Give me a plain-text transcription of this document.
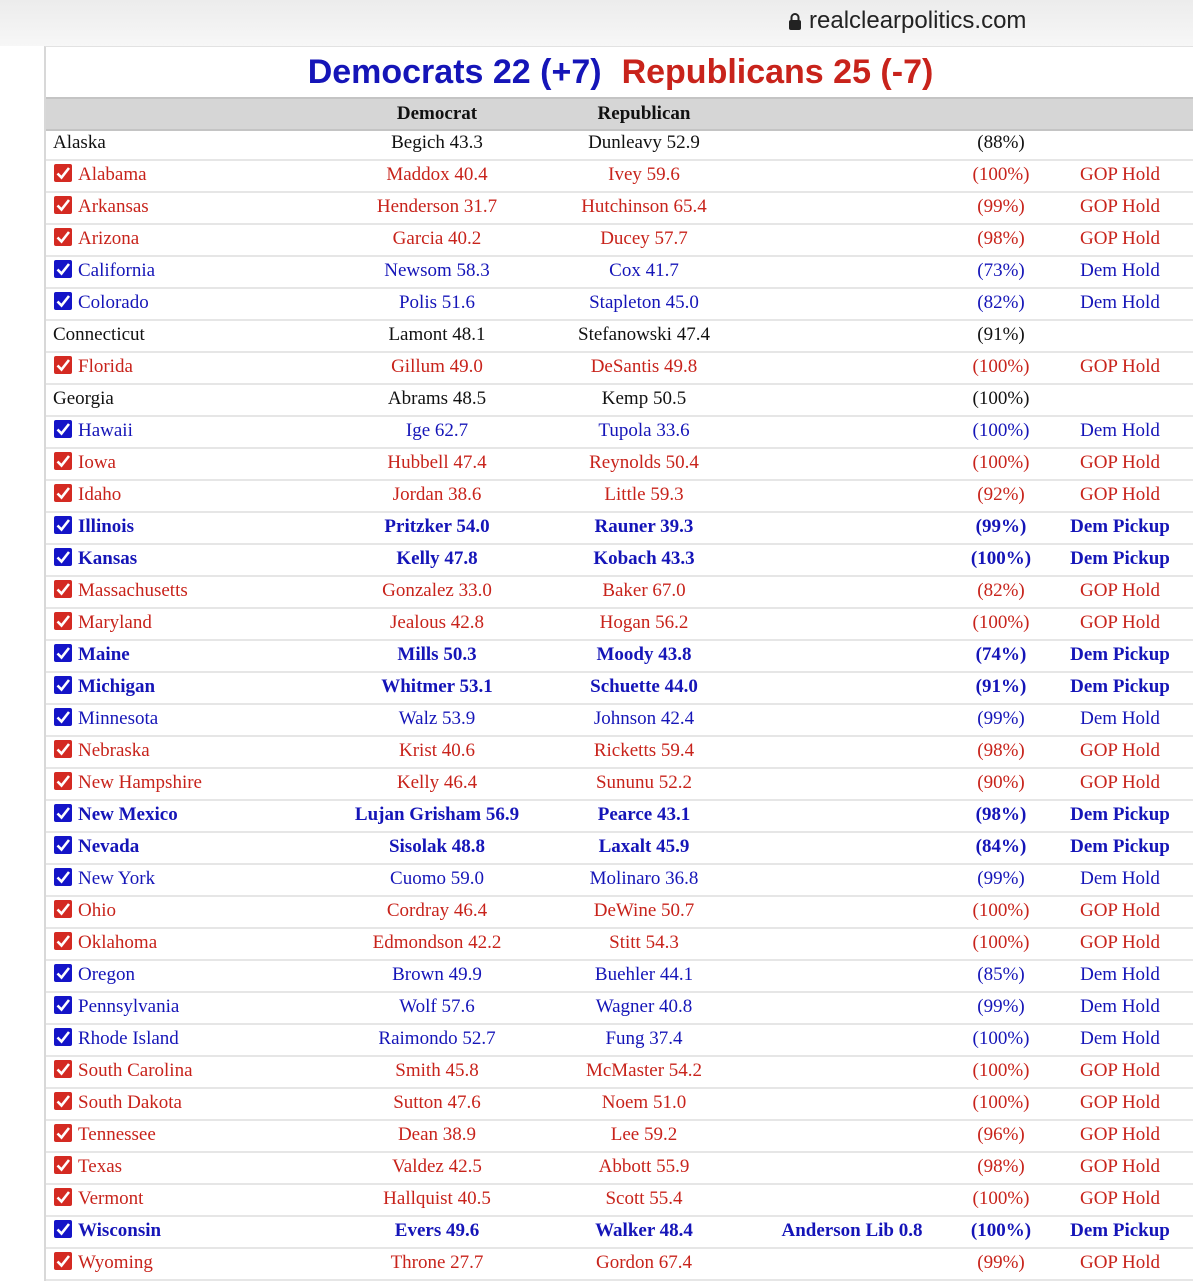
realclearpolitics.com
Democrats 22 (+7) Republicans 25 (-7)
Democrat	Republican
Alaska	Begich 43.3	Dunleavy 52.9	(88%)
Alabama	Maddox 40.4	Ivey 59.6	(100%)	GOP Hold
Arkansas	Henderson 31.7	Hutchinson 65.4	(99%)	GOP Hold
Arizona	Garcia 40.2	Ducey 57.7	(98%)	GOP Hold
California	Newsom 58.3	Cox 41.7	(73%)	Dem Hold
Colorado	Polis 51.6	Stapleton 45.0	(82%)	Dem Hold
Connecticut	Lamont 48.1	Stefanowski 47.4	(91%)
Florida	Gillum 49.0	DeSantis 49.8	(100%)	GOP Hold
Georgia	Abrams 48.5	Kemp 50.5	(100%)
Hawaii	Ige 62.7	Tupola 33.6	(100%)	Dem Hold
Iowa	Hubbell 47.4	Reynolds 50.4	(100%)	GOP Hold
Idaho	Jordan 38.6	Little 59.3	(92%)	GOP Hold
Illinois	Pritzker 54.0	Rauner 39.3	(99%) Dem Pickup
Kansas	Kelly 47.8	Kobach 43.3	(100%) Dem Pickup
Massachusetts	Gonzalez 33.0	Baker 67.0	(82%)	GOP Hold
Maryland	Jealous 42.8	Hogan 56.2	(100%)	GOP Hold
Maine	Mills 50.3	Moody 43.8	(74%) Dem Pickup
Michigan	Whitmer 53.1	Schuette 44.0	(91%) Dem Pickup
Minnesota	Walz 53.9	Johnson 42.4	(99%)	Dem Hold
Nebraska	Krist 40.6	Ricketts 59.4	(98%)	GOP Hold
New Hampshire	Kelly 46.4	Sununu 52.2	(90%)	GOP Hold
New Mexico	Lujan Grisham 56.9	Pearce 43.1	(98%) Dem Pickup
Nevada	Sisolak 48.8	Laxalt 45.9	(84%) Dem Pickup
New York	Cuomo 59.0	Molinaro 36.8	(99%)	Dem Hold
Ohio	Cordray 46.4	DeWine 50.7	(100%)	GOP Hold
Oklahoma	Edmondson 42.2	Stitt 54.3	(100%)	GOP Hold
Oregon	Brown 49.9	Buehler 44.1	(85%)	Dem Hold
Pennsylvania	Wolf 57.6	Wagner 40.8	(99%)	Dem Hold
Rhode Island	Raimondo 52.7	Fung 37.4	(100%)	Dem Hold
South Carolina	Smith 45.8	McMaster 54.2	(100%)	GOP Hold
South Dakota	Sutton 47.6	Noem 51.0	(100%)	GOP Hold
Tennessee	Dean 38.9	Lee 59.2	(96%)	GOP Hold
Texas	Valdez 42.5	Abbott 55.9	(98%)	GOP Hold
Vermont	Hallquist 40.5	Scott 55.4	(100%)	GOP Hold
Wisconsin	Evers 49.6	Walker 48.4	Anderson Lib 0.8	(100%) Dem Pickup
Wyoming	Throne 27.7	Gordon 67.4	(99%)	GOP Hold
